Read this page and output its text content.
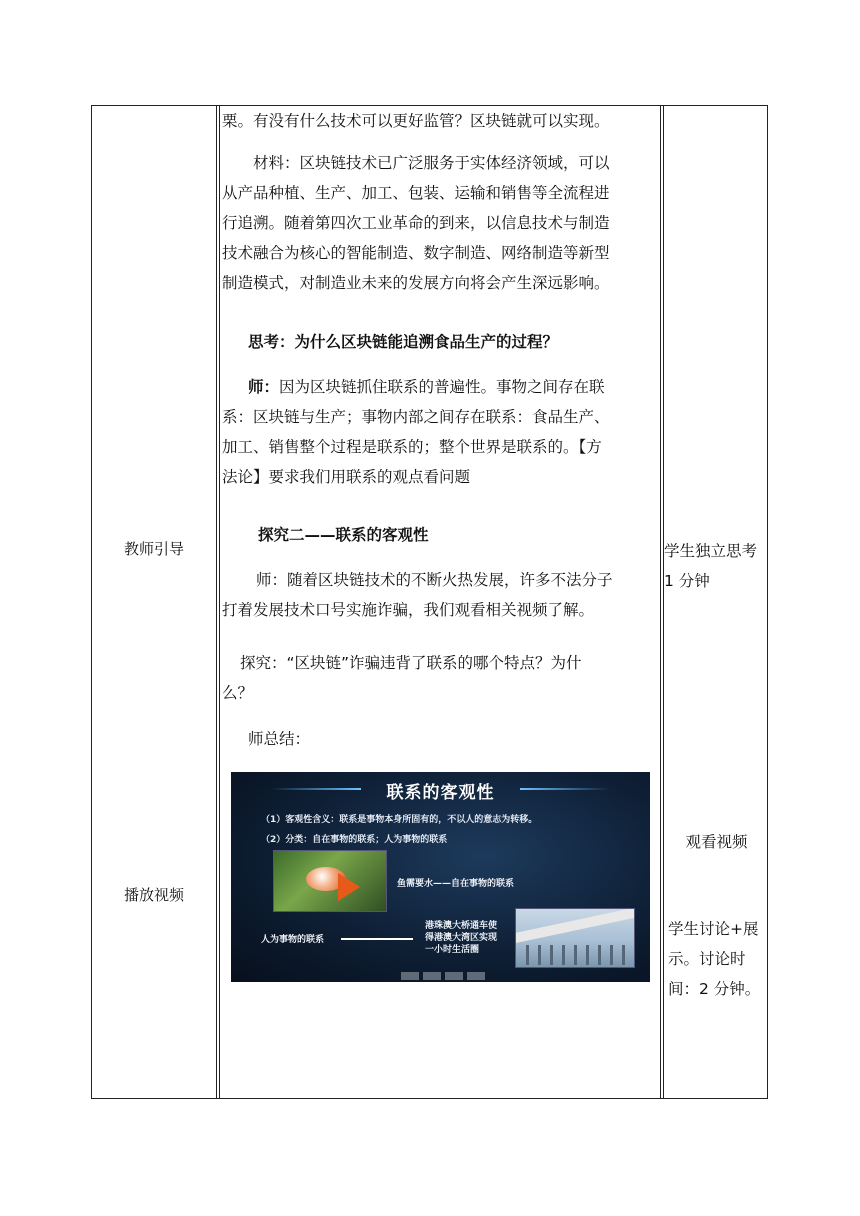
教师引导
播放视频
栗。有没有什么技术可以更好监管？区块链就可以实现。
材料：区块链技术已广泛服务于实体经济领域，可以
从产品种植、生产、加工、包装、运输和销售等全流程进
行追溯。随着第四次工业革命的到来，以信息技术与制造
技术融合为核心的智能制造、数字制造、网络制造等新型
制造模式，对制造业未来的发展方向将会产生深远影响。
思考：为什么区块链能追溯食品生产的过程？
师：因为区块链抓住联系的普遍性。事物之间存在联
系：区块链与生产；事物内部之间存在联系：食品生产、
加工、销售整个过程是联系的；整个世界是联系的。【方
法论】要求我们用联系的观点看问题
探究二——联系的客观性
师：随着区块链技术的不断火热发展，许多不法分子
打着发展技术口号实施诈骗，我们观看相关视频了解。
探究：“区块链”诈骗违背了联系的哪个特点？为什
么？
师总结：
联系的客观性
（1）客观性含义：联系是事物本身所固有的，不以人的意志为转移。
（2）分类：自在事物的联系；人为事物的联系
鱼需要水——自在事物的联系
人为事物的联系
港珠澳大桥通车使
得港澳大湾区实现
一小时生活圈
学生独立思考
1 分钟
观看视频
学生讨论+展
示。讨论时
间：2 分钟。
